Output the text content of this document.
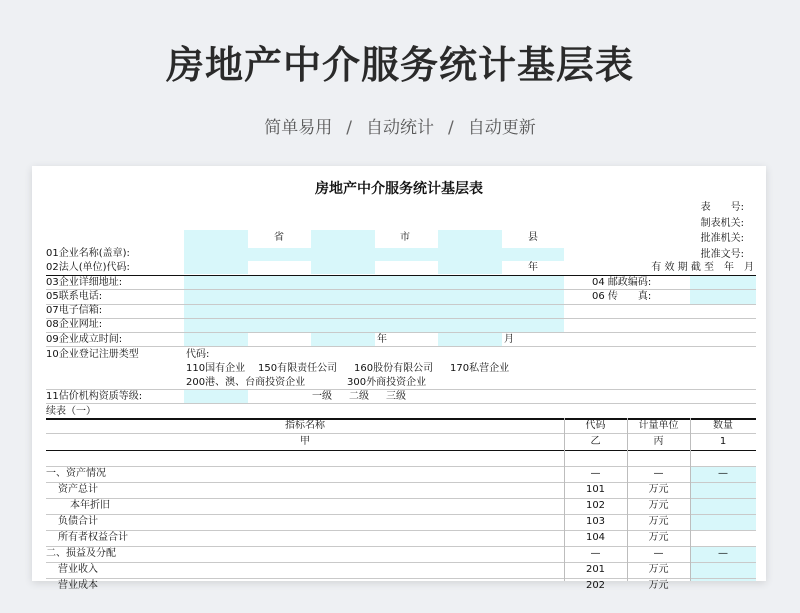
房地产中介服务统计基层表
简单易用 / 自动统计 / 自动更新
房地产中介服务统计基层表
表　　号:
制表机关:
批准机关:
批准文号:
省	市	县
01企业名称(盖章):
02法人(单位)代码:	年	有 效 期 截 至　年　月
03企业详细地址:	04 邮政编码:
05联系电话:	06 传　　真:
07电子信箱:
08企业网址:
09企业成立时间:	年	月
10企业登记注册类型	代码:
110国有企业 150有限责任公司 160股份有限公司 170私营企业
200港、澳、台商投资企业	300外商投资企业
11估价机构资质等级:	一级 二级 三级
续表（一）
指标名称	代码	计量单位	数量
甲	乙	丙	1
一、资产情况	—	—	—
资产总计	101	万元
本年折旧	102	万元
负债合计	103	万元
所有者权益合计	104	万元
二、损益及分配	—	—	—
营业收入	201	万元
营业成本	202	万元
